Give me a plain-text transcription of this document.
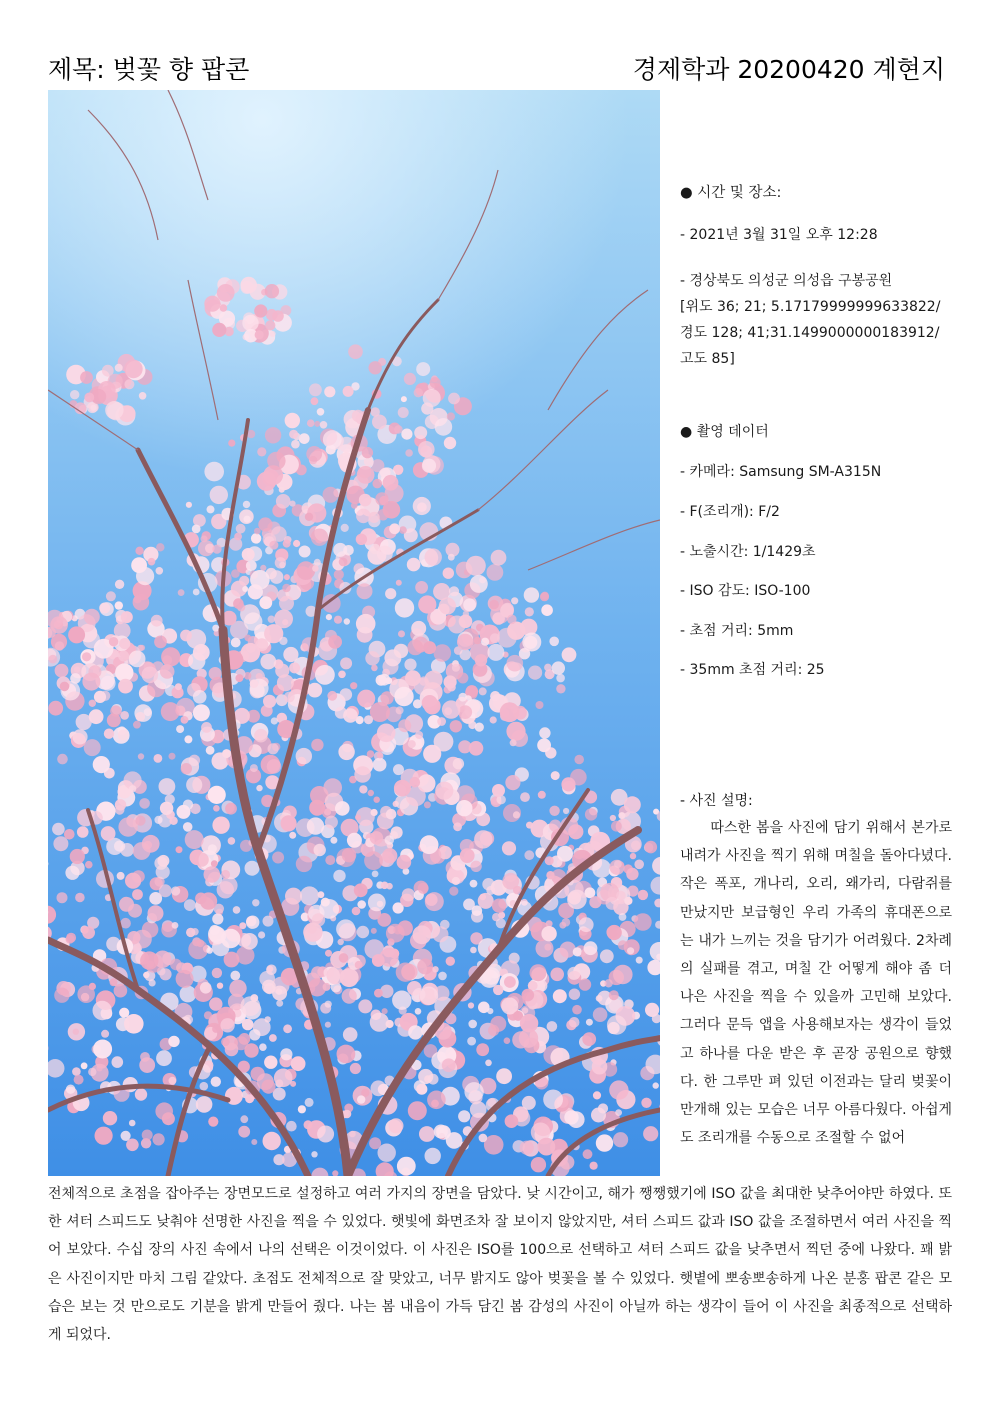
제목: 벚꽃 향 팝콘	경제학과 20200420 계현지
● 시간 및 장소:
- 2021년 3월 31일 오후 12:28
- 경상북도 의성군 의성읍 구봉공원
[위도 36; 21; 5.17179999999633822/
경도 128; 41;31.1499000000183912/
고도 85]
● 촬영 데이터
- 카메라: Samsung SM-A315N
- F(조리개): F/2
- 노출시간: 1/1429초
- ISO 감도: ISO-100
- 초점 거리: 5mm
- 35mm 초점 거리: 25
- 사진 설명:
따스한 봄을 사진에 담기 위해서 본가로 내려가 사진을 찍기 위해 며칠을 돌아다녔다. 작은 폭포, 개나리, 오리, 왜가리, 다람쥐를 만났지만 보급형인 우리 가족의 휴대폰으로는 내가 느끼는 것을 담기가 어려웠다. 2차례의 실패를 겪고, 며칠 간 어떻게 해야 좀 더 나은 사진을 찍을 수 있을까 고민해 보았다. 그러다 문득 앱을 사용해보자는 생각이 들었고 하나를 다운 받은 후 곧장 공원으로 향했다. 한 그루만 펴 있던 이전과는 달리 벚꽃이 만개해 있는 모습은 너무 아름다웠다. 아쉽게도 조리개를 수동으로 조절할 수 없어
전체적으로 초점을 잡아주는 장면모드로 설정하고 여러 가지의 장면을 담았다. 낮 시간이고, 해가 쨍쨍했기에 ISO 값을 최대한 낮추어야만 하였다. 또한 셔터 스피드도 낮춰야 선명한 사진을 찍을 수 있었다. 햇빛에 화면조차 잘 보이지 않았지만, 셔터 스피드 값과 ISO 값을 조절하면서 여러 사진을 찍어 보았다. 수십 장의 사진 속에서 나의 선택은 이것이었다. 이 사진은 ISO를 100으로 선택하고 셔터 스피드 값을 낮추면서 찍던 중에 나왔다. 꽤 밝은 사진이지만 마치 그림 같았다. 초점도 전체적으로 잘 맞았고, 너무 밝지도 않아 벚꽃을 볼 수 있었다. 햇볕에 뽀송뽀송하게 나온 분홍 팝콘 같은 모습은 보는 것 만으로도 기분을 밝게 만들어 줬다. 나는 봄 내음이 가득 담긴 봄 감성의 사진이 아닐까 하는 생각이 들어 이 사진을 최종적으로 선택하게 되었다.
